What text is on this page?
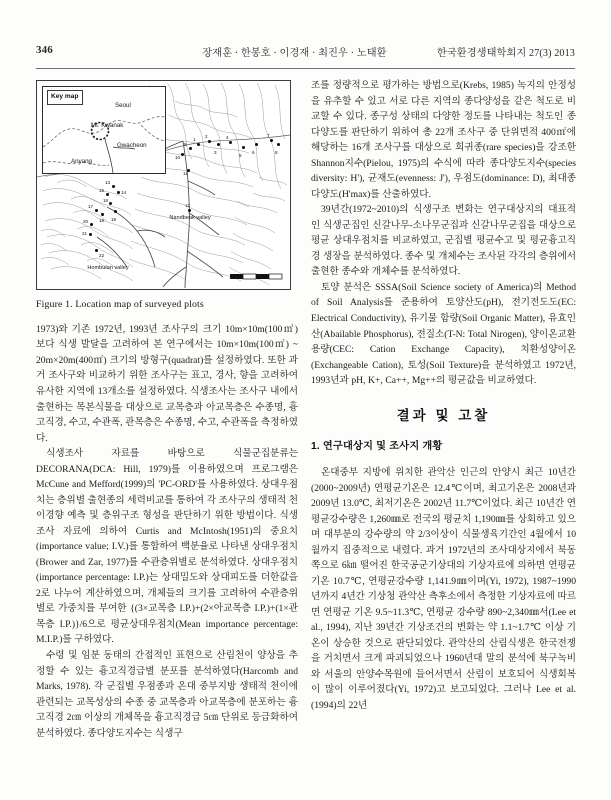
346	장재훈 · 한봉호 · 이경재 · 최진우 · 노태환	한국환경생태학회지 27(3) 2013
Key map
Seoul
Mt. Kwanak
Gwacheon
Anyang
1
2
3
4
5
6
7
8
9
10
11
12
13
14
15
16
17
18 19
20
21
22
Nandbeak valley
Hombulan valley
Figure 1. Location map of surveyed plots

1973)와 기존 1972년, 1993년 조사구의 크기 10m×10m(100㎡) 보다 식생 발달을 고려하여 본 연구에서는 10m×10m(100㎡) ~ 20m×20m(400㎡) 크기의 방형구(quadrat)를 설정하였다. 또한 과거 조사구와 비교하기 위한 조사구는 표고, 경사, 향을 고려하여 유사한 지역에 13개소를 설정하였다. 식생조사는 조사구 내에서 출현하는 목본식물을 대상으로 교목층과 아교목층은 수종명, 흉고직경, 수고, 수관폭, 관목층은 수종명, 수고, 수관폭을 측정하였다.

식생조사 자료를 바탕으로 식물군집분류는 DECORANA(DCA: Hill, 1979)를 이용하였으며 프로그램은 McCune and Mefford(1999)의 'PC-ORD'를 사용하였다. 상대우점치는 층위별 출현종의 세력비교를 통하여 각 조사구의 생태적 천이경향 예측 및 층위구조 형성을 판단하기 위한 방법이다. 식생조사 자료에 의하여 Curtis and McIntosh(1951)의 중요치(importance value; I.V.)를 통합하여 백분율로 나타낸 상대우점치(Brower and Zar, 1977)를 수관층위별로 분석하였다. 상대우점치(importance percentage: I.P.)는 상대밀도와 상대피도를 더한값을 2로 나누어 계산하였으며, 개체들의 크기를 고려하여 수관층위별로 가중치를 부여한 {(3×교목층 I.P.)+(2×아교목층 I.P.)+(1×관목층 I.P.)}/6으로 평균상대우점치(Mean importance percentage: M.I.P.)를 구하였다.

수령 및 임분 동태의 간접적인 표현으로 산림천이 양상을 추정할 수 있는 흉고직경급별 분포를 분석하였다(Harcomb and Marks, 1978). 각 군집별 우점종과 온대 중부지방 생태적 천이에 관련되는 교목성상의 수종 중 교목층과 아교목층에 분포하는 흉고직경 2㎝ 이상의 개체목을 흉고직경급 5㎝ 단위로 등급화하여 분석하였다. 종다양도지수는 식생구

조를 정량적으로 평가하는 방법으로(Krebs, 1985) 녹지의 안정성을 유추할 수 있고 서로 다른 지역의 종다양성을 같은 척도로 비교할 수 있다. 종구성 상태의 다양한 정도를 나타내는 척도인 종다양도를 판단하기 위하여 총 22개 조사구 중 단위면적 400㎡에 해당하는 16개 조사구를 대상으로 희귀종(rare species)을 강조한 Shannon지수(Pielou, 1975)의 수식에 따라 종다양도지수(species diversity: H'), 균재도(evenness: J'), 우점도(dominance: D), 최대종다양도(H'max)를 산출하였다.

39년간(1972~2010)의 식생구조 변화는 연구대상지의 대표적인 식생군집인 신갈나무-소나무군집과 신갈나무군집을 대상으로 평균 상대우점치를 비교하였고, 군집별 평균수고 및 평균흉고직경 생장을 분석하였다. 종수 및 개체수는 조사된 각각의 층위에서 출현한 종수와 개체수를 분석하였다.

토양 분석은 SSSA(Soil Science society of America)의 Method of Soil Analysis를 준용하여 토양산도(pH), 전기전도도(EC: Electrical Conductivity), 유기물 함량(Soil Organic Matter), 유효인산(Abailable Phosphorus), 전질소(T-N: Total Nirogen), 양이온교환용량(CEC: Cation Exchange Capacity), 치환성양이온(Exchangeable Cation), 토성(Soil Texture)을 분석하였고 1972년, 1993년과 pH, K+, Ca++, Mg++의 평균값을 비교하였다.

결과 및 고찰
1. 연구대상지 및 조사지 개황

온대중부 지방에 위치한 관악산 인근의 안양시 최근 10년간(2000~2009년) 연평균기온은 12.4℃이며, 최고기온은 2008년과 2009년 13.0℃, 최저기온은 2002년 11.7℃이었다. 최근 10년간 연평균강수량은 1,260㎜로 전국의 평균치 1,190㎜를 상회하고 있으며 대부분의 강수량의 약 2/3이상이 식물생육기간인 4월에서 10월까지 집중적으로 내렸다. 과거 1972년의 조사대상지에서 북동쪽으로 6㎞ 떨어진 한국공군기상대의 기상자료에 의하면 연평균기온 10.7℃, 연평균강수량 1,141.9㎜이며(Yi, 1972), 1987~1990년까지 4년간 기상청 관악산 측후소에서 측정한 기상자료에 따르면 연평균 기온 9.5~11.3℃, 연평균 강수량 890~2,340㎜서(Lee et al., 1994), 지난 39년간 기상조건의 변화는 약 1.1~1.7℃ 이상 기온이 상승한 것으로 판단되었다. 관악산의 산림식생은 한국전쟁을 거치면서 크게 파괴되었으나 1960년대 말의 분석에 북구녹비와 서울의 안양수목원에 들어서면서 산림이 보호되어 식생회복이 많이 이루어졌다(Yi, 1972)고 보고되었다. 그러나 Lee et al.(1994)의 22년
